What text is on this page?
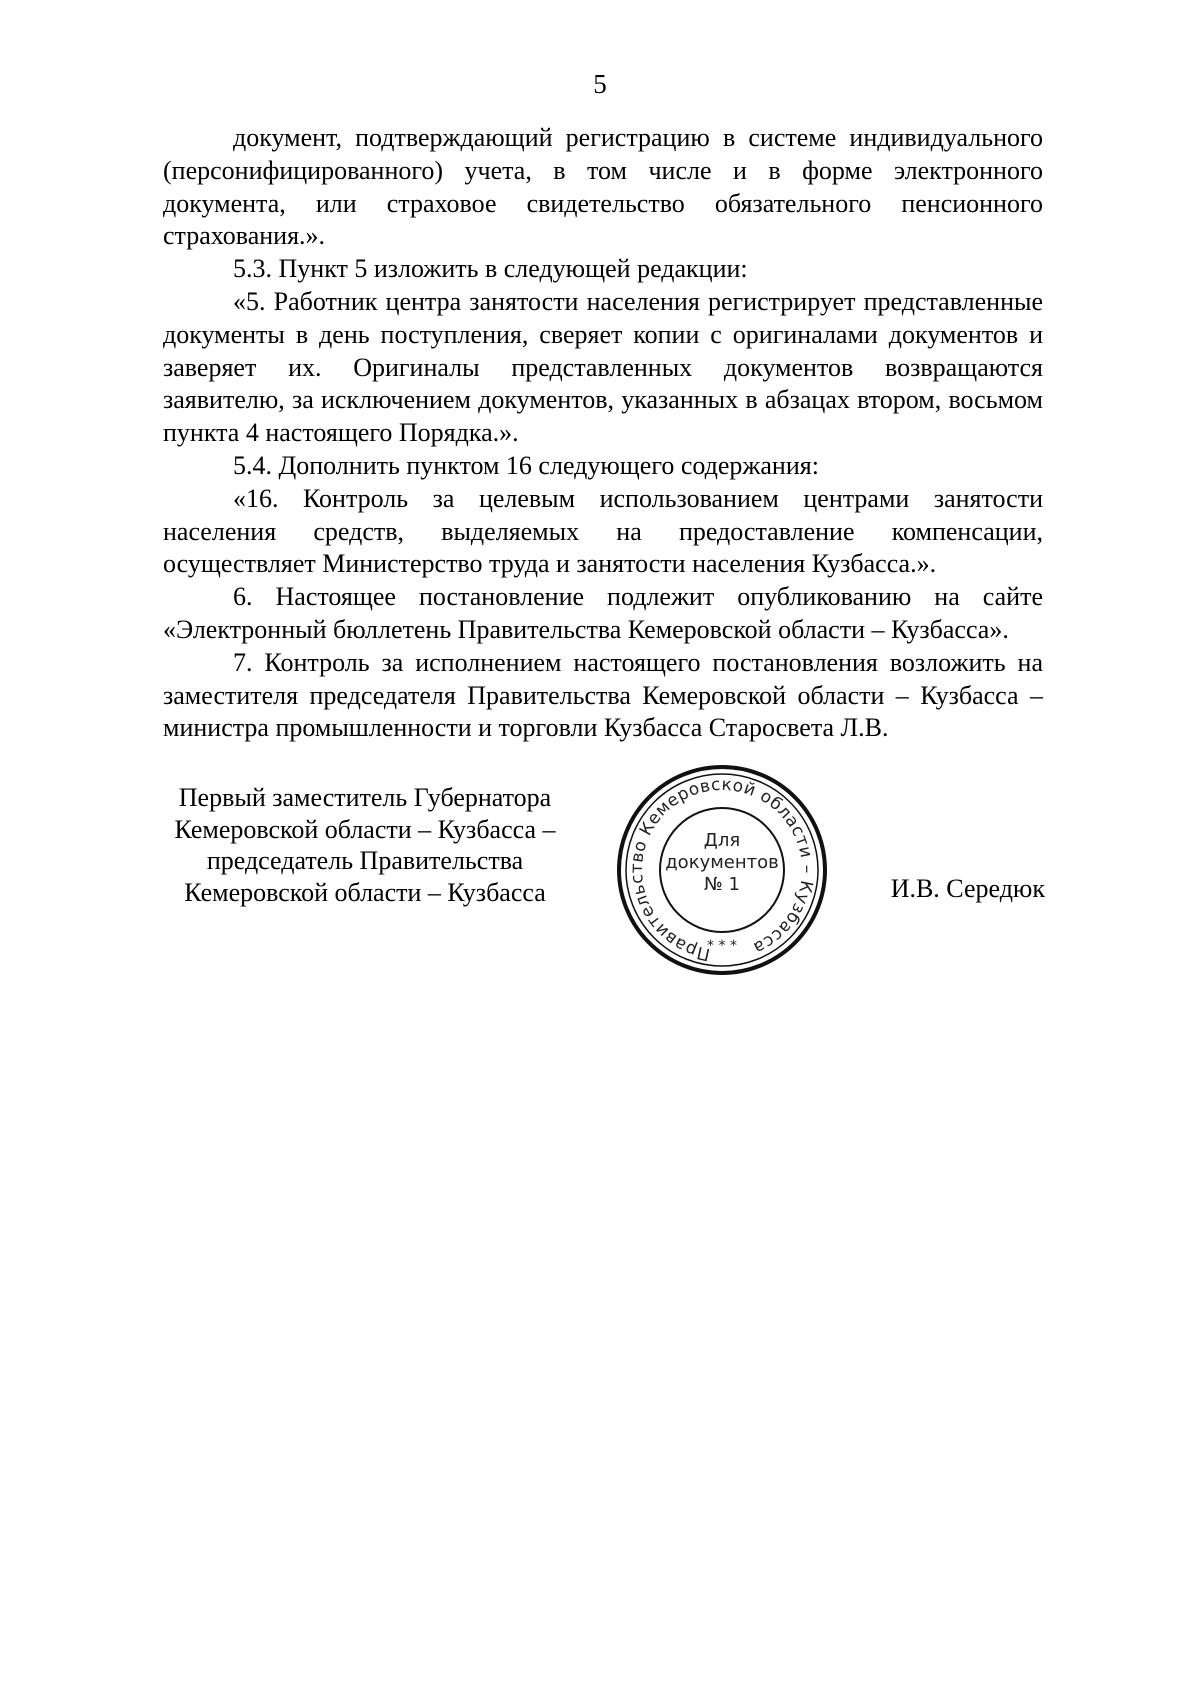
5

документ, подтверждающий регистрацию в системе индивидуального (персонифицированного) учета, в том числе и в форме электронного документа, или страховое свидетельство обязательного пенсионного страхования.».

5.3. Пункт 5 изложить в следующей редакции:

«5. Работник центра занятости населения регистрирует представленные документы в день поступления, сверяет копии с оригиналами документов и заверяет их. Оригиналы представленных документов возвращаются заявителю, за исключением документов, указанных в абзацах втором, восьмом пункта 4 настоящего Порядка.».

5.4. Дополнить пунктом 16 следующего содержания:

«16. Контроль за целевым использованием центрами занятости населения средств, выделяемых на предоставление компенсации, осуществляет Министерство труда и занятости населения Кузбасса.».

6. Настоящее постановление подлежит опубликованию на сайте «Электронный бюллетень Правительства Кемеровской области – Кузбасса».

7. Контроль за исполнением настоящего постановления возложить на заместителя председателя Правительства Кемеровской области – Кузбасса – министра промышленности и торговли Кузбасса Старосвета Л.В.

Первый заместитель Губернатора
Кемеровской области – Кузбасса –
председатель Правительства
Кемеровской области – Кузбасса
Правительство Кемеровской области – Кузбасса
Для
документов
№ 1
* * *
И.В. Середюк
